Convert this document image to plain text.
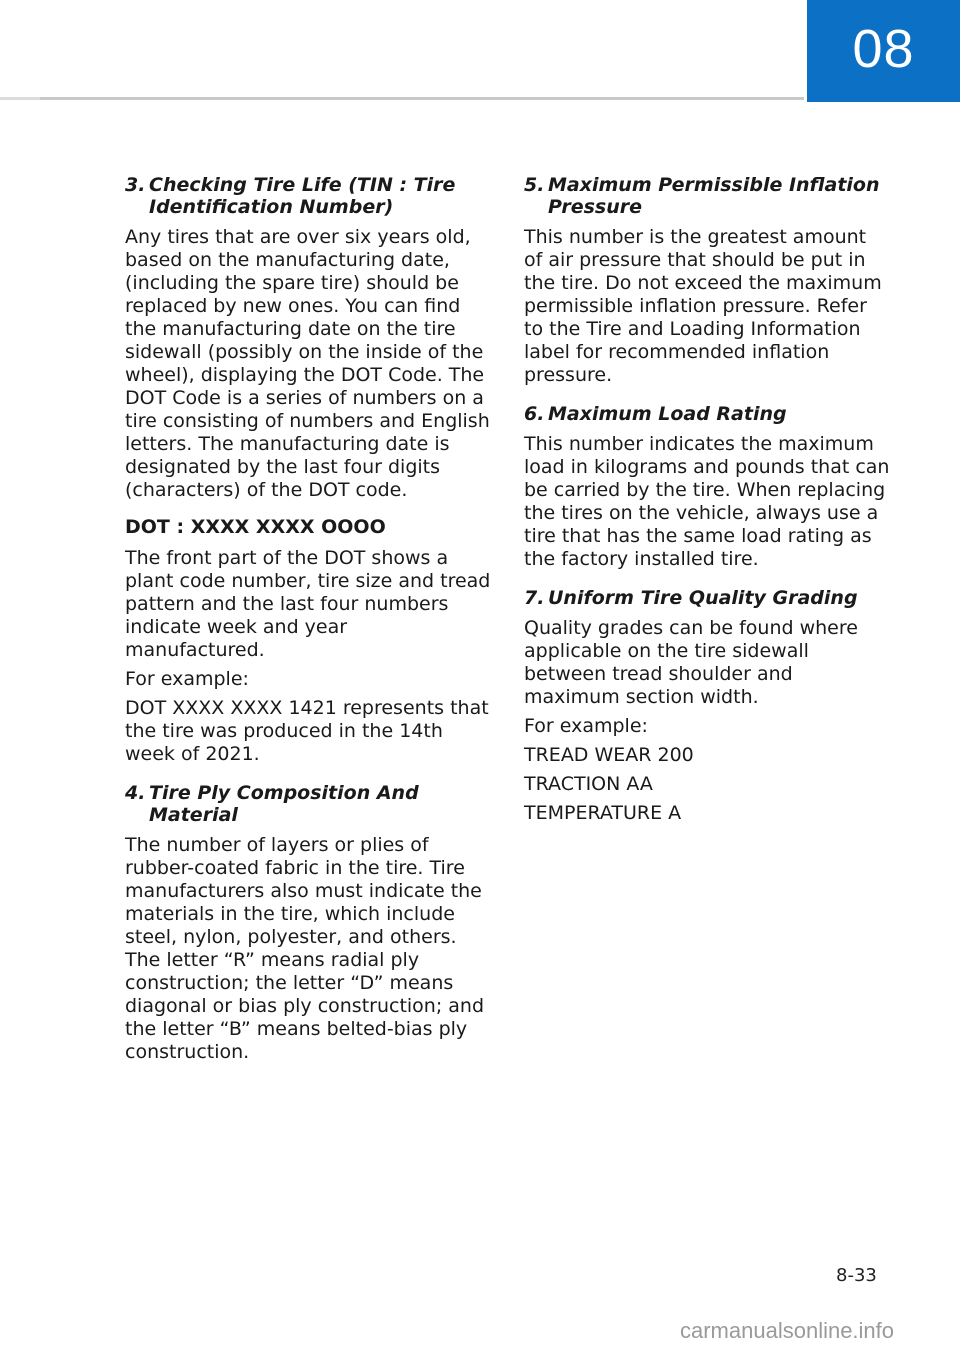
08
3. Checking Tire Life (TIN : Tire Identification Number)

Any tires that are over six years old, based on the manufacturing date, (including the spare tire) should be replaced by new ones. You can find the manufacturing date on the tire sidewall (possibly on the inside of the wheel), displaying the DOT Code. The DOT Code is a series of numbers on a tire consisting of numbers and English letters. The manufacturing date is designated by the last four digits (characters) of the DOT code.

DOT : XXXX XXXX OOOO

The front part of the DOT shows a plant code number, tire size and tread pattern and the last four numbers indicate week and year manufactured.

For example:

DOT XXXX XXXX 1421 represents that the tire was produced in the 14th week of 2021.

4. Tire Ply Composition And Material

The number of layers or plies of rubber-coated fabric in the tire. Tire manufacturers also must indicate the materials in the tire, which include steel, nylon, polyester, and others. The letter “R” means radial ply construction; the letter “D” means diagonal or bias ply construction; and the letter “B” means belted-bias ply construction.

5. Maximum Permissible Inflation Pressure

This number is the greatest amount of air pressure that should be put in the tire. Do not exceed the maximum permissible inflation pressure. Refer to the Tire and Loading Information label for recommended inflation pressure.

6. Maximum Load Rating

This number indicates the maximum load in kilograms and pounds that can be carried by the tire. When replacing the tires on the vehicle, always use a tire that has the same load rating as the factory installed tire.

7. Uniform Tire Quality Grading

Quality grades can be found where applicable on the tire sidewall between tread shoulder and maximum section width.

For example:

TREAD WEAR 200

TRACTION AA

TEMPERATURE A

8-33
carmanualsonline.info
